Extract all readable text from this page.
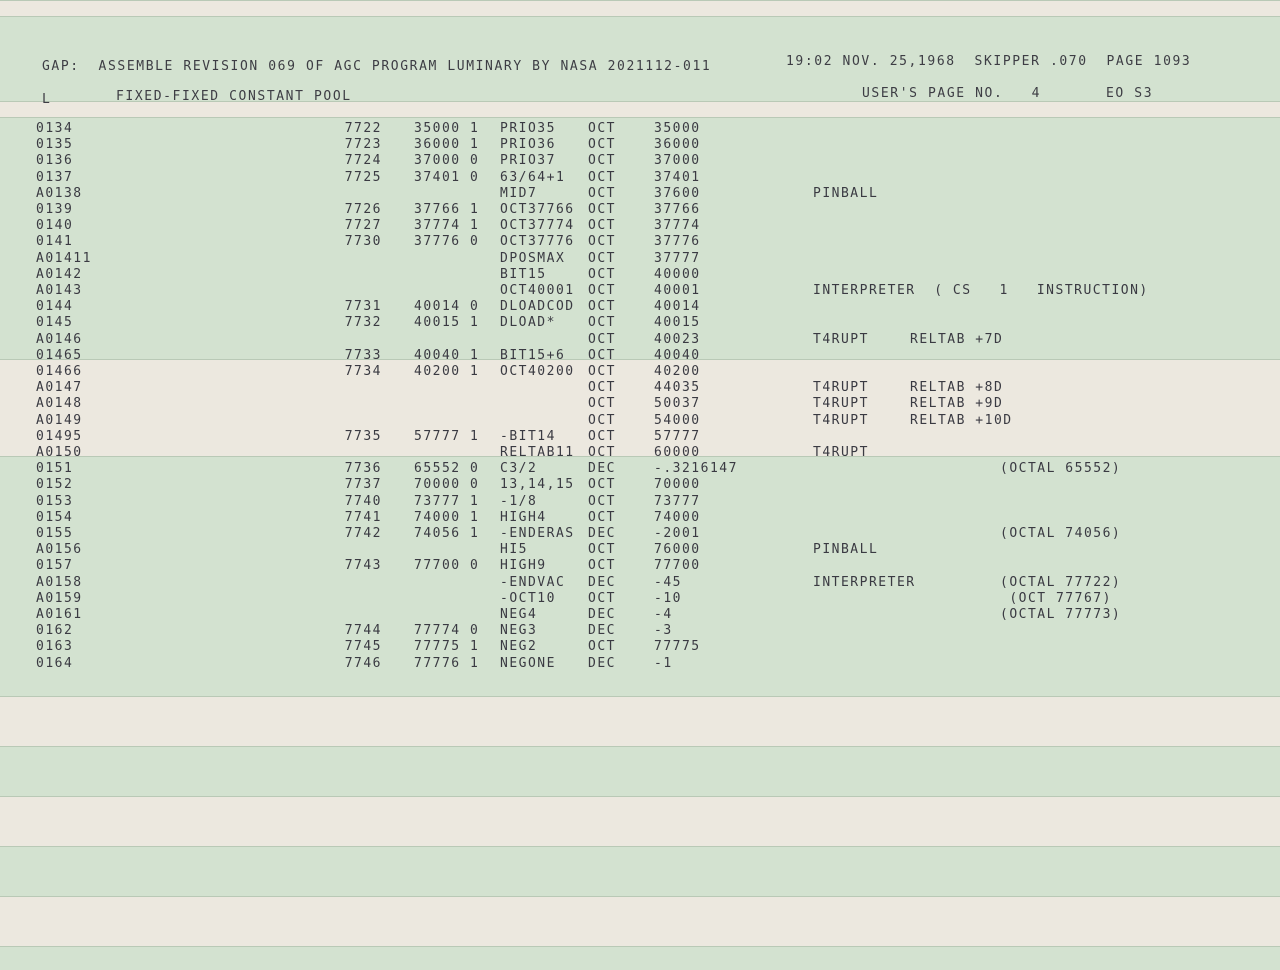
GAP:  ASSEMBLE REVISION 069 OF AGC PROGRAM LUMINARY BY NASA 2021112-011	19:02 NOV. 25,1968  SKIPPER .070  PAGE 1093
L	FIXED-FIXED CONSTANT POOL	USER'S PAGE NO.   4	EO S3
0134	7722 35000 1 PRIO35 OCT	35000
0135	7723 36000 1 PRIO36 OCT	36000
0136	7724 37000 0 PRIO37 OCT	37000
0137	7725 37401 0 63/64+1 OCT	37401
A0138	MID7	OCT	37600	PINBALL
0139	7726 37766 1 OCT37766 OCT	37766
0140	7727 37774 1 OCT37774 OCT	37774
0141	7730 37776 0 OCT37776 OCT	37776
A01411	DPOSMAX OCT	37777
A0142	BIT15	OCT	40000
A0143	OCT40001 OCT	40001	INTERPRETER  ( CS   1   INSTRUCTION)
0144	7731 40014 0 DLOADCOD OCT	40014
0145	7732 40015 1 DLOAD* OCT	40015
A0146	OCT	40023	T4RUPT	RELTAB +7D
01465	7733 40040 1 BIT15+6 OCT	40040
01466	7734 40200 1 OCT40200 OCT	40200
A0147	OCT	44035	T4RUPT	RELTAB +8D
A0148	OCT	50037	T4RUPT	RELTAB +9D
A0149	OCT	54000	T4RUPT	RELTAB +10D
01495	7735 57777 1 -BIT14 OCT	57777
A0150	RELTAB11 OCT	60000	T4RUPT
0151	7736 65552 0 C3/2	DEC	-.3216147	(OCTAL 65552)
0152	7737 70000 0 13,14,15 OCT	70000
0153	7740 73777 1 -1/8	OCT	73777
0154	7741 74000 1 HIGH4	OCT	74000
0155	7742 74056 1 -ENDERAS DEC	-2001	(OCTAL 74056)
A0156	HI5	OCT	76000	PINBALL
0157	7743 77700 0 HIGH9	OCT	77700
A0158	-ENDVAC DEC	-45	INTERPRETER	(OCTAL 77722)
A0159	-OCT10 OCT	-10	(OCT 77767)
A0161	NEG4	DEC	-4	(OCTAL 77773)
0162	7744 77774 0 NEG3	DEC	-3
0163	7745 77775 1 NEG2	OCT	77775
0164	7746 77776 1 NEGONE DEC	-1
